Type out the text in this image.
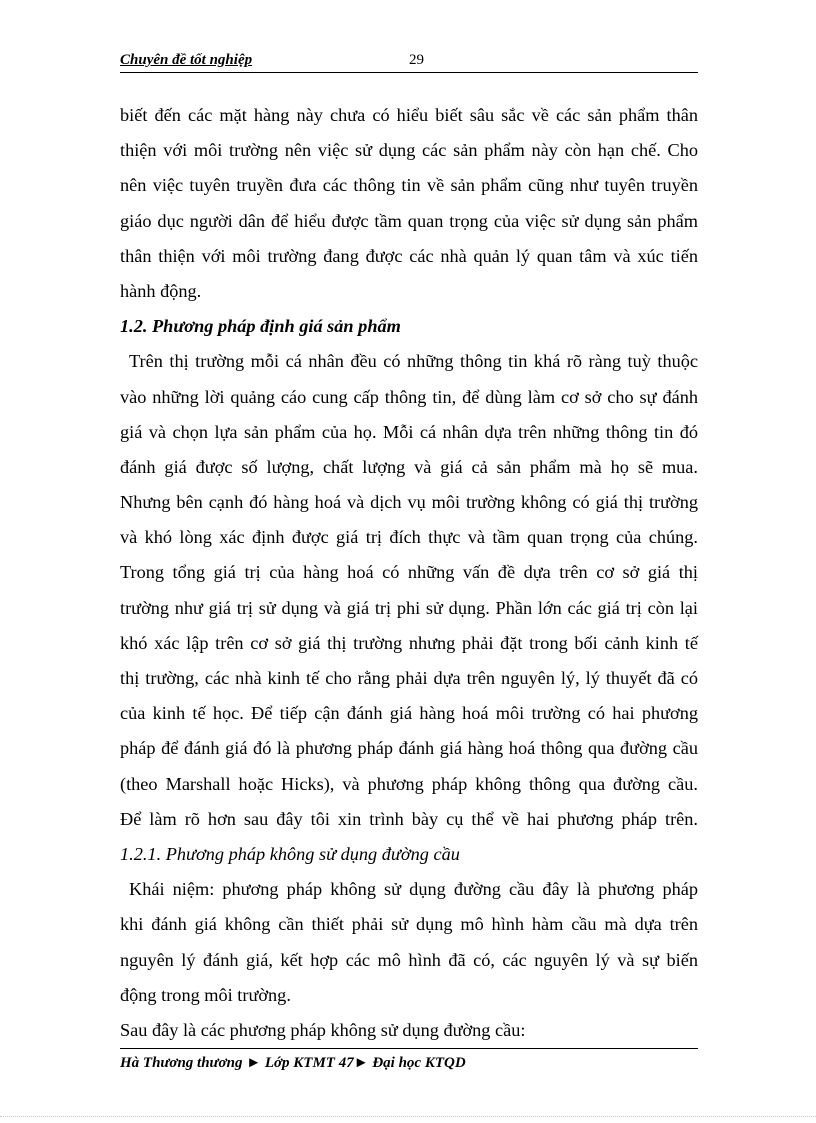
Chuyên đề tốt nghiệp	29
biết đến các mặt hàng này chưa có hiểu biết sâu sắc về các sản phẩm thân
thiện với môi trường nên việc sử dụng các sản phẩm này còn hạn chế. Cho
nên việc tuyên truyền đưa các thông tin về sản phẩm cũng như tuyên truyền
giáo dục người dân để hiểu được tầm quan trọng của việc sử dụng sản phẩm
thân thiện với môi trường đang được các nhà quản lý quan tâm và xúc tiến
hành động.
1.2. Phương pháp định giá sản phẩm
Trên thị trường mỗi cá nhân đều có những thông tin khá rõ ràng tuỳ thuộc
vào những lời quảng cáo cung cấp thông tin, để dùng làm cơ sở cho sự đánh
giá và chọn lựa sản phẩm của họ. Mỗi cá nhân dựa trên những thông tin đó
đánh giá được số lượng, chất lượng và giá cả sản phẩm mà họ sẽ mua.
Nhưng bên cạnh đó hàng hoá và dịch vụ môi trường không có giá thị trường
và khó lòng xác định được giá trị đích thực và tầm quan trọng của chúng.
Trong tổng giá trị của hàng hoá có những vấn đề dựa trên cơ sở giá thị
trường như giá trị sử dụng và giá trị phi sử dụng. Phần lớn các giá trị còn lại
khó xác lập trên cơ sở giá thị trường nhưng phải đặt trong bối cảnh kinh tế
thị trường, các nhà kinh tế cho rằng phải dựa trên nguyên lý, lý thuyết đã có
của kinh tế học. Để tiếp cận đánh giá hàng hoá môi trường có hai phương
pháp để đánh giá đó là phương pháp đánh giá hàng hoá thông qua đường cầu
(theo Marshall hoặc Hicks), và phương pháp không thông qua đường cầu.
Để làm rõ hơn sau đây tôi xin trình bày cụ thể về hai phương pháp trên.
1.2.1. Phương pháp không sử dụng đường cầu
Khái niệm: phương pháp không sử dụng đường cầu đây là phương pháp
khi đánh giá không cần thiết phải sử dụng mô hình hàm cầu mà dựa trên
nguyên lý đánh giá, kết hợp các mô hình đã có, các nguyên lý và sự biến
động trong môi trường.
Sau đây là các phương pháp không sử dụng đường cầu:
Hà Thương thương ► Lớp KTMT 47► Đại học KTQD
